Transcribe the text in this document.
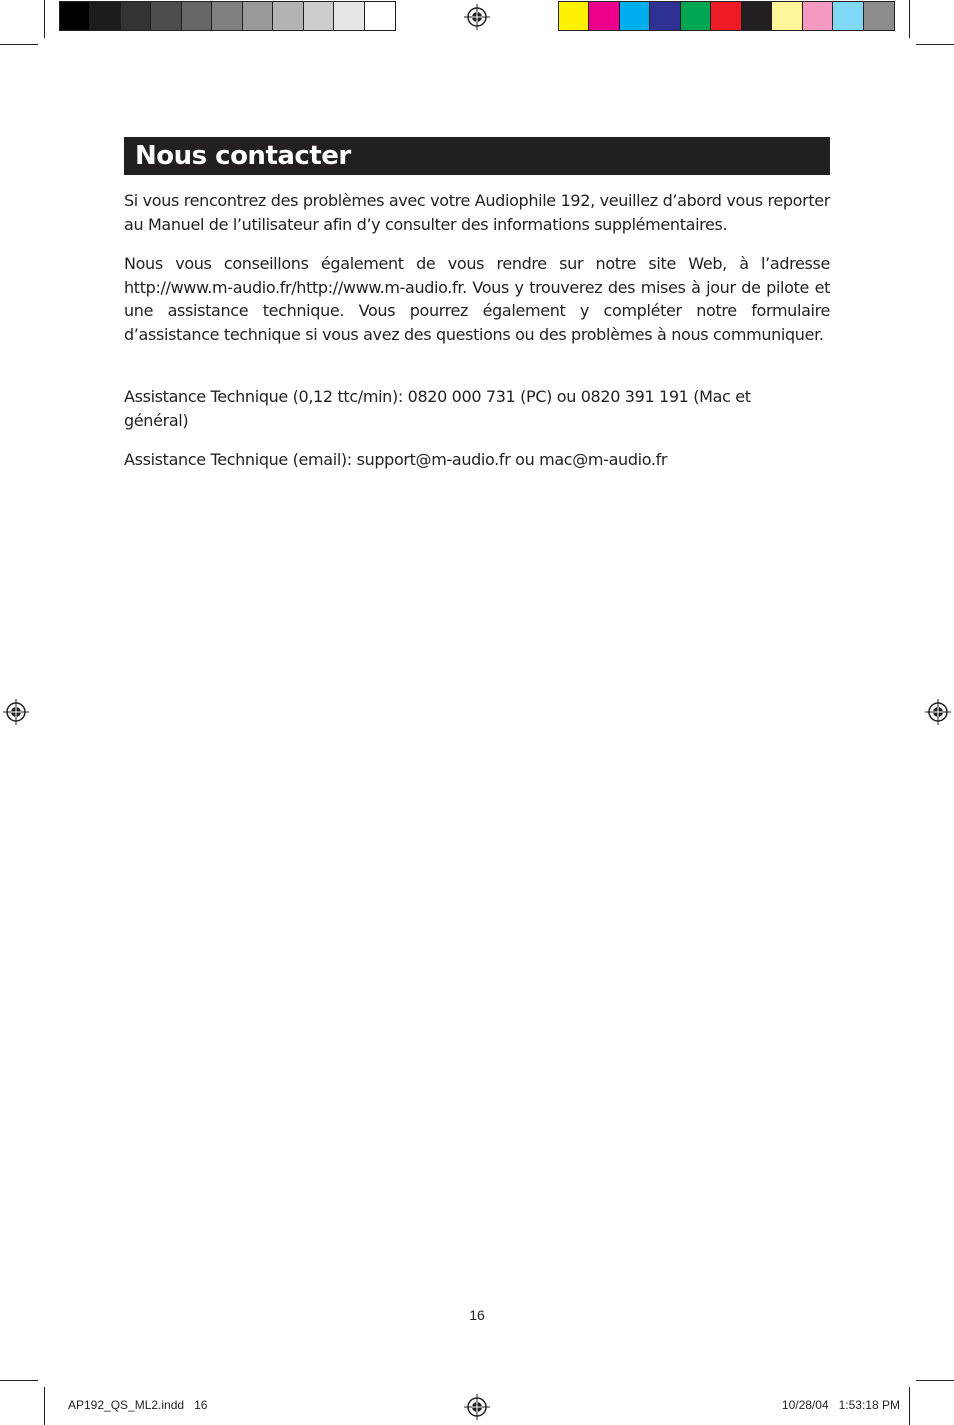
Nous contacter

Si vous rencontrez des problèmes avec votre Audiophile 192, veuillez d’abord vous reporter au Manuel de l’utilisateur afin d’y consulter des informations supplémentaires.

Nous vous conseillons également de vous rendre sur notre site Web, à l’adresse http://www.m-audio.fr/http://www.m-audio.fr. Vous y trouverez des mises à jour de pilote et une assistance technique. Vous pourrez également y compléter notre formulaire d’assistance technique si vous avez des questions ou des problèmes à nous communiquer.

Assistance Technique (0,12 ttc/min): 0820 000 731 (PC) ou 0820 391 191 (Mac et général)

Assistance Technique (email): support@m-audio.fr ou mac@m-audio.fr

16
AP192_QS_ML2.indd   16	10/28/04   1:53:18 PM
